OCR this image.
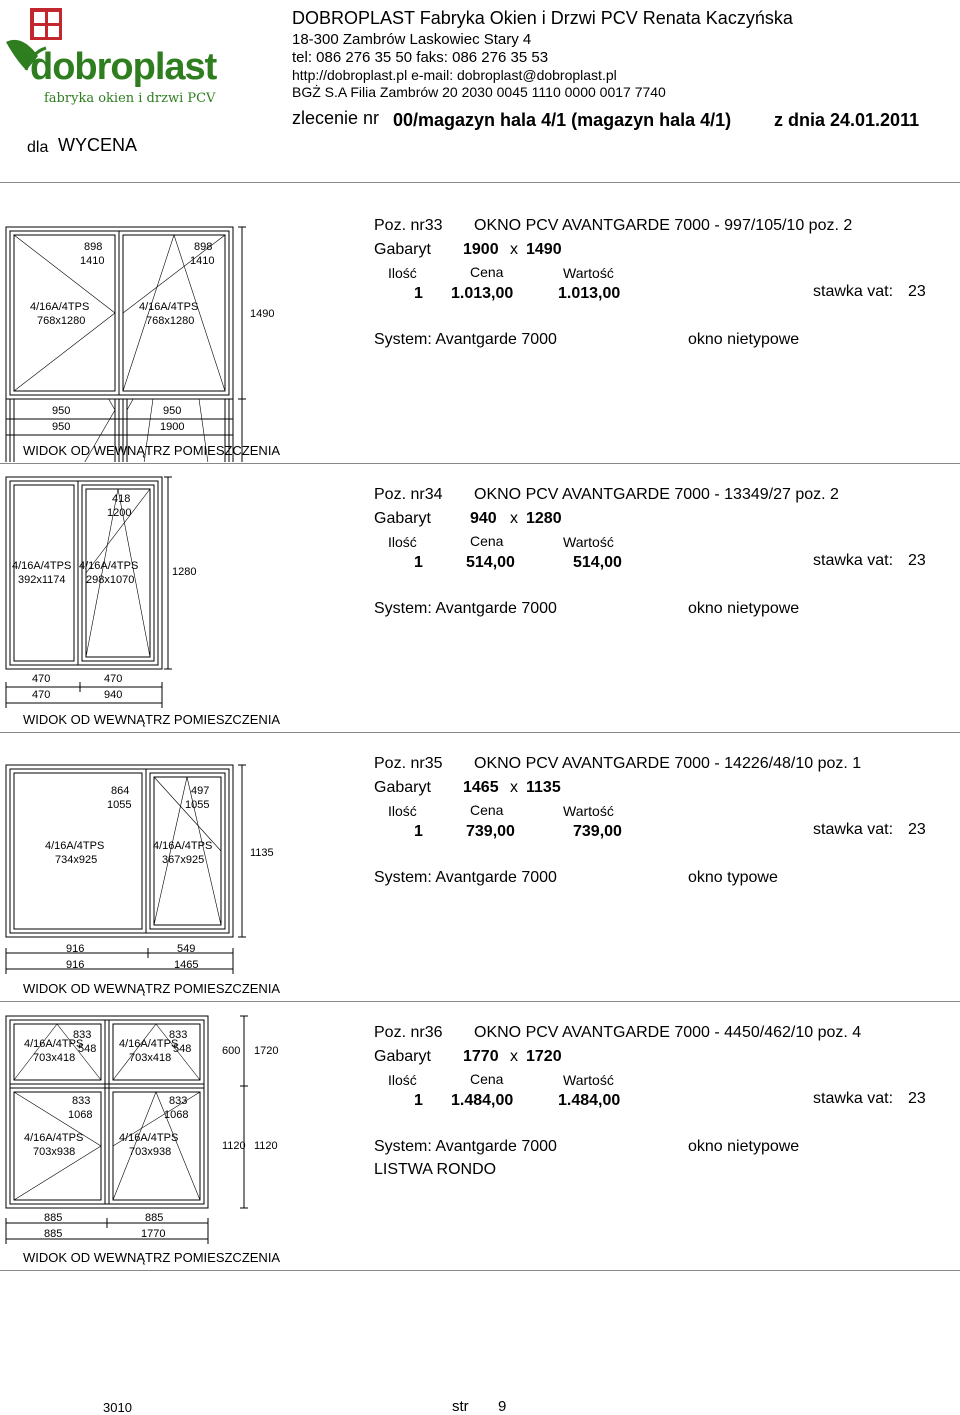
dobroplast
fabryka okien i drzwi PCV
DOBROPLAST Fabryka Okien i Drzwi PCV Renata Kaczyńska
18-300 Zambrów Laskowiec Stary 4
tel: 086 276 35 50 faks: 086 276 35 53
http://dobroplast.pl e-mail: dobroplast@dobroplast.pl
BGŻ S.A Filia Zambrów 20 2030 0045 1110 0000 0017 7740
zlecenie nr 00/magazyn hala 4/1 (magazyn hala 4/1) z dnia 24.01.2011
dla WYCENA
898
1410
898
1410
4/16A/4TPS
768x1280
4/16A/4TPS
768x1280
1490
950	950
950	1900
WIDOK OD WEWNĄTRZ POMIESZCZENIA
Poz. nr33 OKNO PCV AVANTGARDE 7000 - 997/105/10 poz. 2
Gabaryt 1900 x 1490
Ilość	Cena	Wartość
1 1.013,00	1.013,00	stawka vat: 23
System: Avantgarde 7000	okno nietypowe
418
1200
4/16A/4TPS
392x1174
4/16A/4TPS
298x1070
1280
470	470
470	940
WIDOK OD WEWNĄTRZ POMIESZCZENIA
Poz. nr34 OKNO PCV AVANTGARDE 7000 - 13349/27 poz. 2
Gabaryt 940 x 1280
Ilość	Cena	Wartość
1	514,00	514,00	stawka vat: 23
System: Avantgarde 7000	okno nietypowe
864
1055
497
1055
4/16A/4TPS
734x925
4/16A/4TPS
367x925
1135
916	549
916	1465
WIDOK OD WEWNĄTRZ POMIESZCZENIA
Poz. nr35 OKNO PCV AVANTGARDE 7000 - 14226/48/10 poz. 1
Gabaryt 1465 x 1135
Ilość	Cena	Wartość
1	739,00	739,00	stawka vat: 23
System: Avantgarde 7000	okno typowe
833
548
833
548
4/16A/4TPS
703x418
4/16A/4TPS
703x418
833
1068
833
1068
4/16A/4TPS
703x938
4/16A/4TPS
703x938
600 1720
1120 1120
885	885
885	1770
WIDOK OD WEWNĄTRZ POMIESZCZENIA
Poz. nr36 OKNO PCV AVANTGARDE 7000 - 4450/462/10 poz. 4
Gabaryt 1770 x 1720
Ilość	Cena	Wartość
1 1.484,00	1.484,00	stawka vat: 23
System: Avantgarde 7000	okno nietypowe
LISTWA RONDO
3010	str 9
